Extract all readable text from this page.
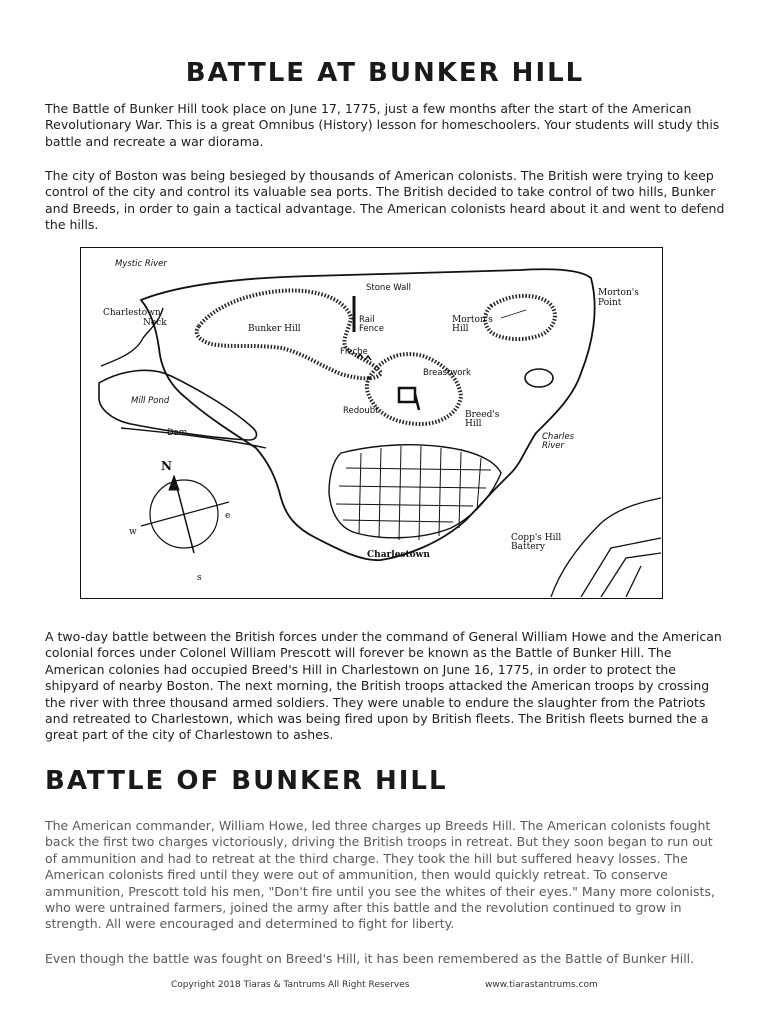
BATTLE AT BUNKER HILL

The Battle of Bunker Hill took place on June 17, 1775, just a few months after the start of the American Revolutionary War. This is a great Omnibus (History) lesson for homeschoolers. Your students will study this battle and recreate a war diorama.

The city of Boston was being besieged by thousands of American colonists. The British were trying to keep control of the city and control its valuable sea ports. The British decided to take control of two hills, Bunker and Breeds, in order to gain a tactical advantage. The American colonists heard about it and went to defend the hills.

Mystic River
Stone Wall	Morton's
Point
Charlestown
Neck
Bunker Hill
Rail
Fence
Morton's
Hill
Fleche
Breastwork
Mill Pond
Redoubt	Breed's
Hill
Dam	Charles
River
N
e
w
s
Copp's Hill
Battery
Charlestown

A two-day battle between the British forces under the command of General William Howe and the American colonial forces under Colonel William Prescott will forever be known as the Battle of Bunker Hill. The American colonies had occupied Breed's Hill in Charlestown on June 16, 1775, in order to protect the shipyard of nearby Boston. The next morning, the British troops attacked the American troops by crossing the river with three thousand armed soldiers. They were unable to endure the slaughter from the Patriots and retreated to Charlestown, which was being fired upon by British fleets. The British fleets burned the a great part of the city of Charlestown to ashes.

BATTLE OF BUNKER HILL

The American commander, William Howe, led three charges up Breeds Hill. The American colonists fought back the first two charges victoriously, driving the British troops in retreat. But they soon began to run out of ammunition and had to retreat at the third charge. They took the hill but suffered heavy losses. The American colonists fired until they were out of ammunition, then would quickly retreat. To conserve ammunition, Prescott told his men, "Don't fire until you see the whites of their eyes." Many more colonists, who were untrained farmers, joined the army after this battle and the revolution continued to grow in strength. All were encouraged and determined to fight for liberty.

Even though the battle was fought on Breed's Hill, it has been remembered as the Battle of Bunker Hill.

Copyright 2018 Tiaras & Tantrums All Right Reserves	www.tiarastantrums.com
